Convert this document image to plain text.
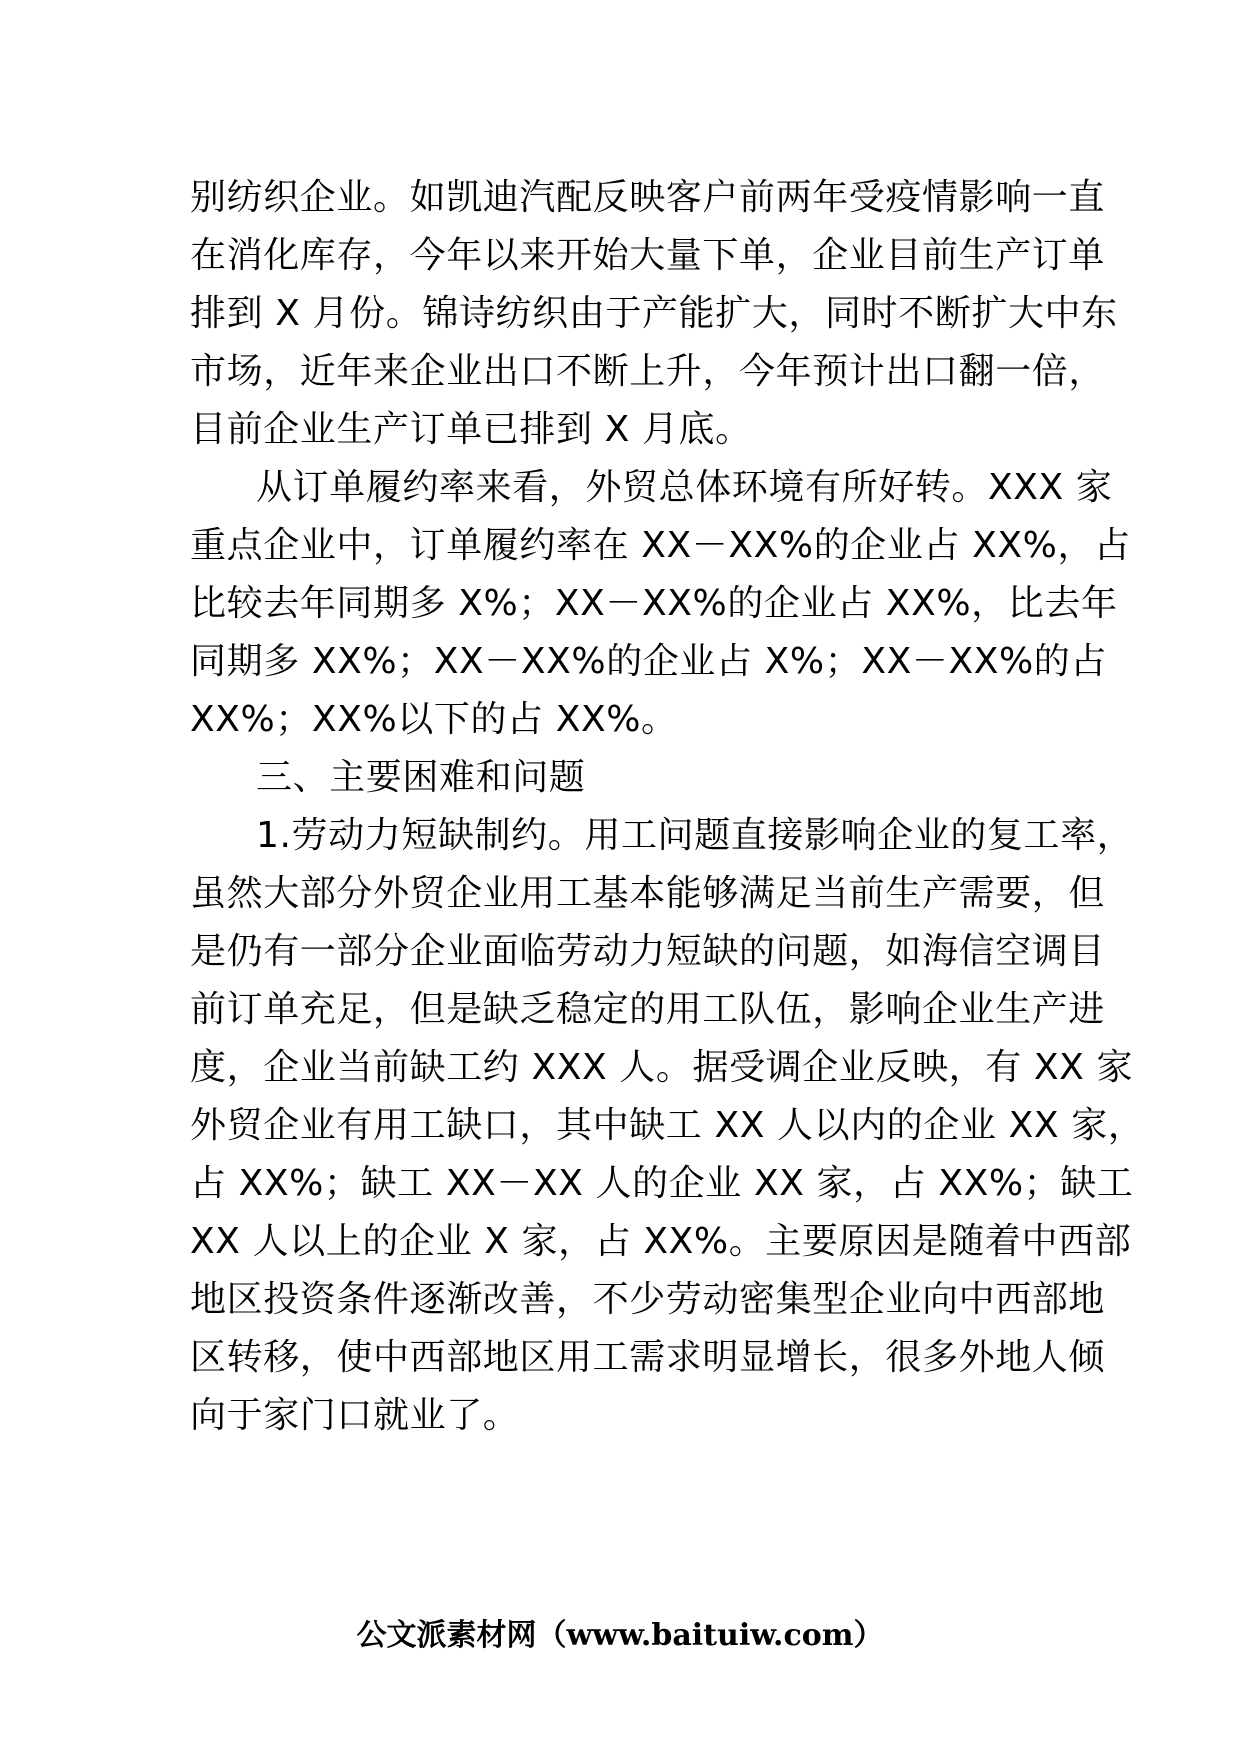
别纺织企业。如凯迪汽配反映客户前两年受疫情影响一直
在消化库存，今年以来开始大量下单，企业目前生产订单
排到 X 月份。锦诗纺织由于产能扩大，同时不断扩大中东
市场，近年来企业出口不断上升，今年预计出口翻一倍，
目前企业生产订单已排到 X 月底。
从订单履约率来看，外贸总体环境有所好转。XXX 家
重点企业中，订单履约率在 XX－XX%的企业占 XX%，占
比较去年同期多 X%；XX－XX%的企业占 XX%，比去年
同期多 XX%；XX－XX%的企业占 X%；XX－XX%的占
XX%；XX%以下的占 XX%。
三、主要困难和问题
1.劳动力短缺制约。用工问题直接影响企业的复工率，
虽然大部分外贸企业用工基本能够满足当前生产需要，但
是仍有一部分企业面临劳动力短缺的问题，如海信空调目
前订单充足，但是缺乏稳定的用工队伍，影响企业生产进
度，企业当前缺工约 XXX 人。据受调企业反映，有 XX 家
外贸企业有用工缺口，其中缺工 XX 人以内的企业 XX 家，
占 XX%；缺工 XX－XX 人的企业 XX 家，占 XX%；缺工
XX 人以上的企业 X 家，占 XX%。主要原因是随着中西部
地区投资条件逐渐改善，不少劳动密集型企业向中西部地
区转移，使中西部地区用工需求明显增长，很多外地人倾
向于家门口就业了。
公文派素材网（www.baituiw.com）
